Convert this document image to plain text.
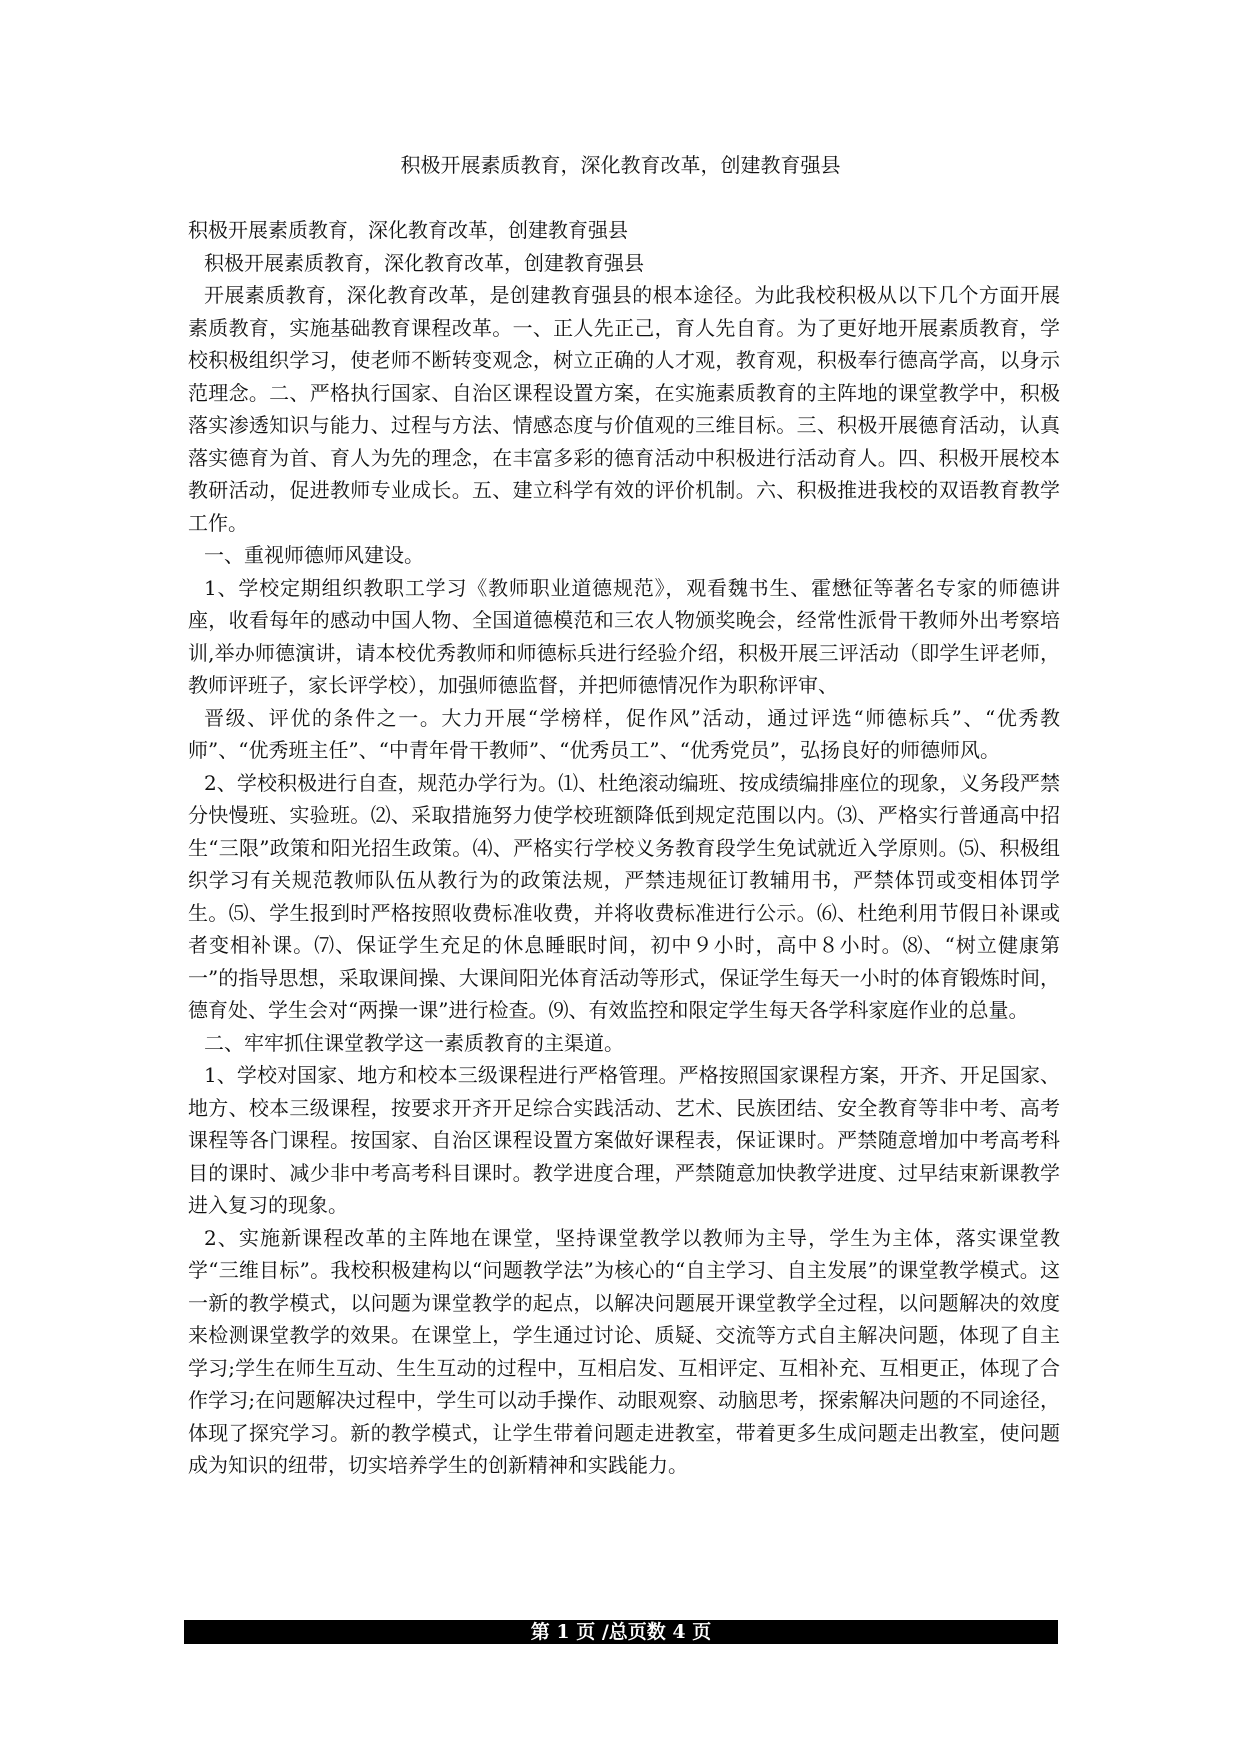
积极开展素质教育，深化教育改革，创建教育强县

积极开展素质教育，深化教育改革，创建教育强县

积极开展素质教育，深化教育改革，创建教育强县

开展素质教育，深化教育改革，是创建教育强县的根本途径。为此我校积极从以下几个方面开展素质教育，实施基础教育课程改革。一、正人先正己，育人先自育。为了更好地开展素质教育，学校积极组织学习，使老师不断转变观念，树立正确的人才观，教育观，积极奉行德高学高，以身示范理念。二、严格执行国家、自治区课程设置方案，在实施素质教育的主阵地的课堂教学中，积极落实渗透知识与能力、过程与方法、情感态度与价值观的三维目标。三、积极开展德育活动，认真落实德育为首、育人为先的理念，在丰富多彩的德育活动中积极进行活动育人。四、积极开展校本教研活动，促进教师专业成长。五、建立科学有效的评价机制。六、积极推进我校的双语教育教学工作。

一、重视师德师风建设。

1、学校定期组织教职工学习《教师职业道德规范》，观看魏书生、霍懋征等著名专家的师德讲座，收看每年的感动中国人物、全国道德模范和三农人物颁奖晚会，经常性派骨干教师外出考察培训,举办师德演讲，请本校优秀教师和师德标兵进行经验介绍，积极开展三评活动（即学生评老师，教师评班子，家长评学校），加强师德监督，并把师德情况作为职称评审、

晋级、评优的条件之一。大力开展“学榜样，促作风”活动，通过评选“师德标兵”、“优秀教师”、“优秀班主任”、“中青年骨干教师”、“优秀员工”、“优秀党员”，弘扬良好的师德师风。

2、学校积极进行自查，规范办学行为。⑴、杜绝滚动编班、按成绩编排座位的现象，义务段严禁分快慢班、实验班。⑵、采取措施努力使学校班额降低到规定范围以内。⑶、严格实行普通高中招生“三限”政策和阳光招生政策。⑷、严格实行学校义务教育段学生免试就近入学原则。⑸、积极组织学习有关规范教师队伍从教行为的政策法规，严禁违规征订教辅用书，严禁体罚或变相体罚学生。⑸、学生报到时严格按照收费标准收费，并将收费标准进行公示。⑹、杜绝利用节假日补课或者变相补课。⑺、保证学生充足的休息睡眠时间，初中９小时，高中８小时。⑻、“树立健康第一”的指导思想，采取课间操、大课间阳光体育活动等形式，保证学生每天一小时的体育锻炼时间，德育处、学生会对“两操一课”进行检查。⑼、有效监控和限定学生每天各学科家庭作业的总量。

二、牢牢抓住课堂教学这一素质教育的主渠道。

1、学校对国家、地方和校本三级课程进行严格管理。严格按照国家课程方案，开齐、开足国家、地方、校本三级课程，按要求开齐开足综合实践活动、艺术、民族团结、安全教育等非中考、高考课程等各门课程。按国家、自治区课程设置方案做好课程表，保证课时。严禁随意增加中考高考科目的课时、减少非中考高考科目课时。教学进度合理，严禁随意加快教学进度、过早结束新课教学进入复习的现象。

2、实施新课程改革的主阵地在课堂，坚持课堂教学以教师为主导，学生为主体，落实课堂教学“三维目标”。我校积极建构以“问题教学法”为核心的“自主学习、自主发展”的课堂教学模式。这一新的教学模式，以问题为课堂教学的起点，以解决问题展开课堂教学全过程，以问题解决的效度来检测课堂教学的效果。在课堂上，学生通过讨论、质疑、交流等方式自主解决问题，体现了自主学习;学生在师生互动、生生互动的过程中，互相启发、互相评定、互相补充、互相更正，体现了合作学习;在问题解决过程中，学生可以动手操作、动眼观察、动脑思考，探索解决问题的不同途径，体现了探究学习。新的教学模式，让学生带着问题走进教室，带着更多生成问题走出教室，使问题成为知识的纽带，切实培养学生的创新精神和实践能力。

第 1 页 /总页数 4 页
